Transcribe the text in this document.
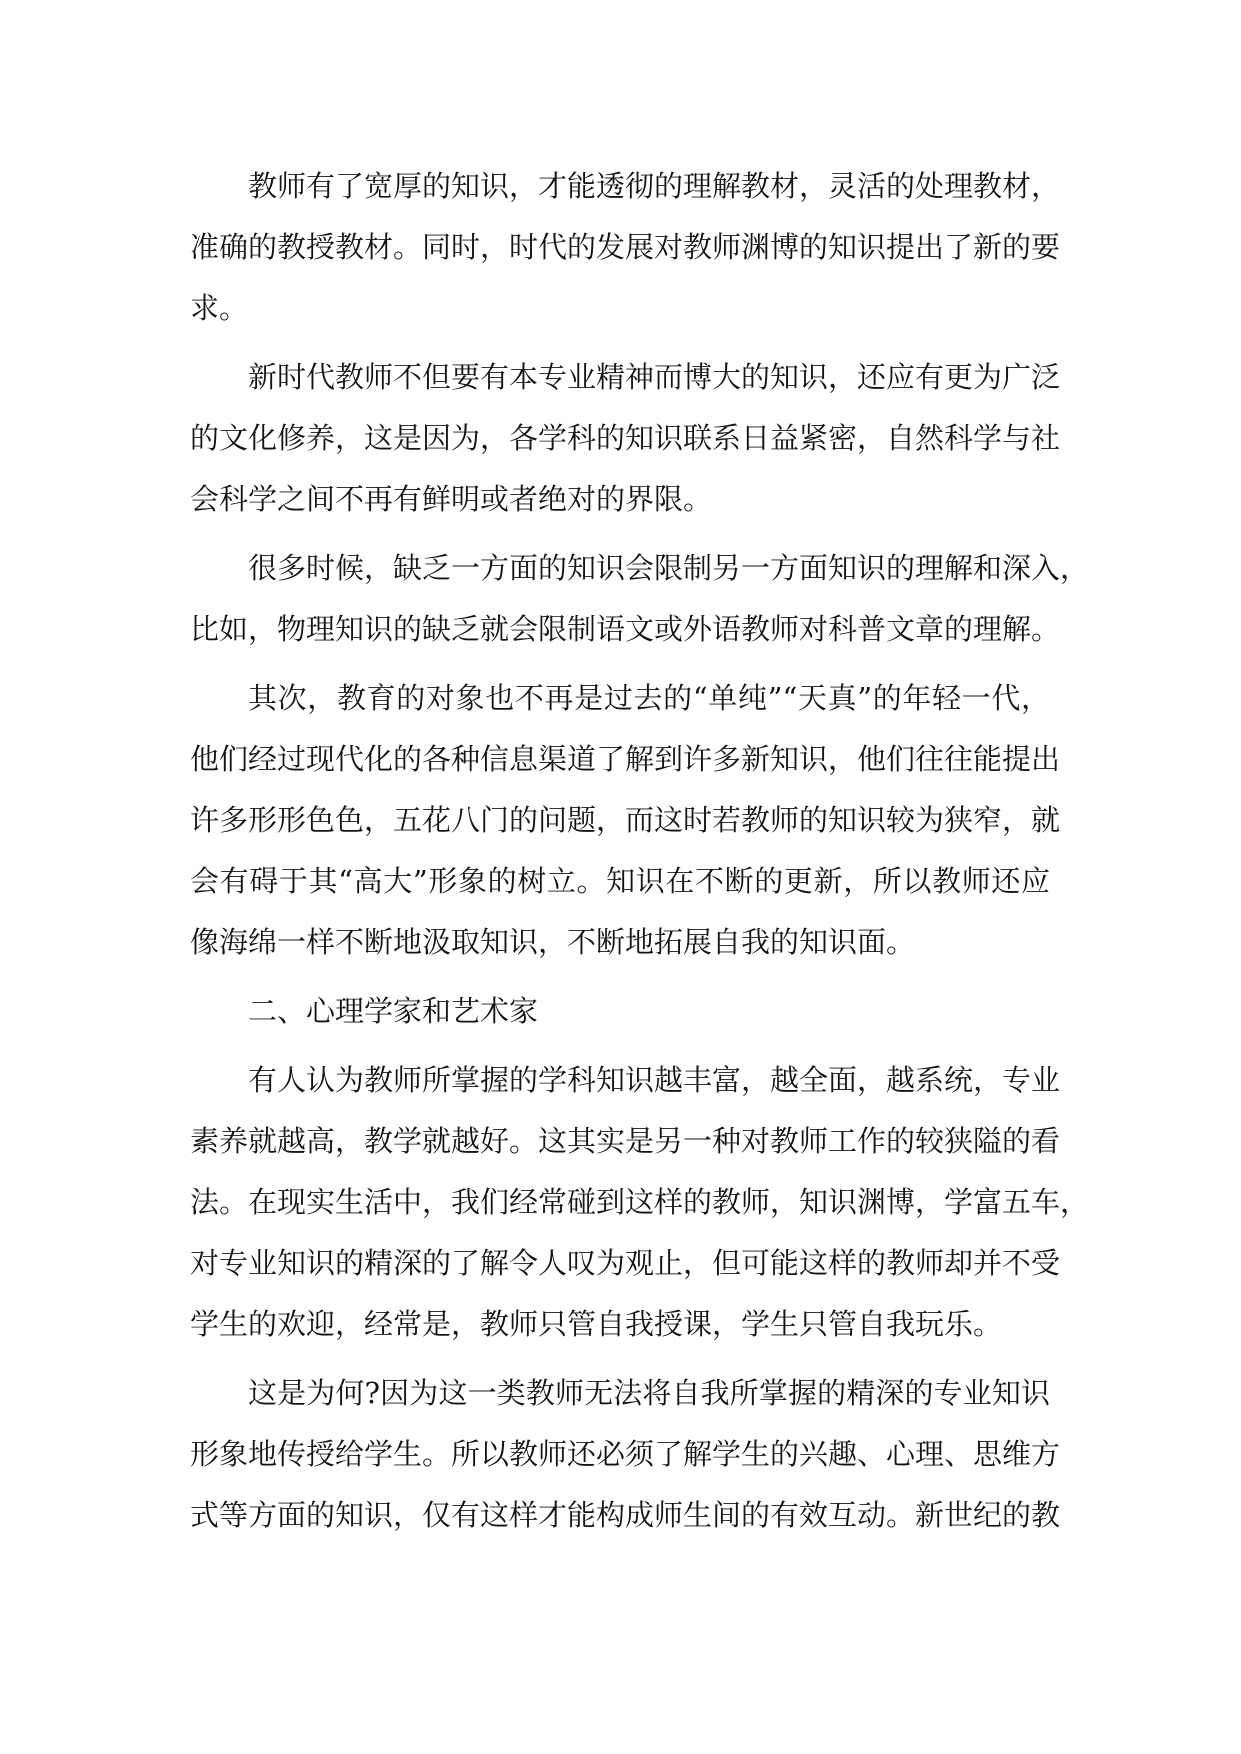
教师有了宽厚的知识，才能透彻的理解教材，灵活的处理教材，
准确的教授教材。同时，时代的发展对教师渊博的知识提出了新的要
求。
新时代教师不但要有本专业精神而博大的知识，还应有更为广泛
的文化修养，这是因为，各学科的知识联系日益紧密，自然科学与社
会科学之间不再有鲜明或者绝对的界限。
很多时候，缺乏一方面的知识会限制另一方面知识的理解和深入，
比如，物理知识的缺乏就会限制语文或外语教师对科普文章的理解。
其次，教育的对象也不再是过去的“单纯”“天真”的年轻一代，
他们经过现代化的各种信息渠道了解到许多新知识，他们往往能提出
许多形形色色，五花八门的问题，而这时若教师的知识较为狭窄，就
会有碍于其“高大”形象的树立。知识在不断的更新，所以教师还应
像海绵一样不断地汲取知识，不断地拓展自我的知识面。
二、心理学家和艺术家
有人认为教师所掌握的学科知识越丰富，越全面，越系统，专业
素养就越高，教学就越好。这其实是另一种对教师工作的较狭隘的看
法。在现实生活中，我们经常碰到这样的教师，知识渊博，学富五车，
对专业知识的精深的了解令人叹为观止，但可能这样的教师却并不受
学生的欢迎，经常是，教师只管自我授课，学生只管自我玩乐。
这是为何?因为这一类教师无法将自我所掌握的精深的专业知识
形象地传授给学生。所以教师还必须了解学生的兴趣、心理、思维方
式等方面的知识，仅有这样才能构成师生间的有效互动。新世纪的教
